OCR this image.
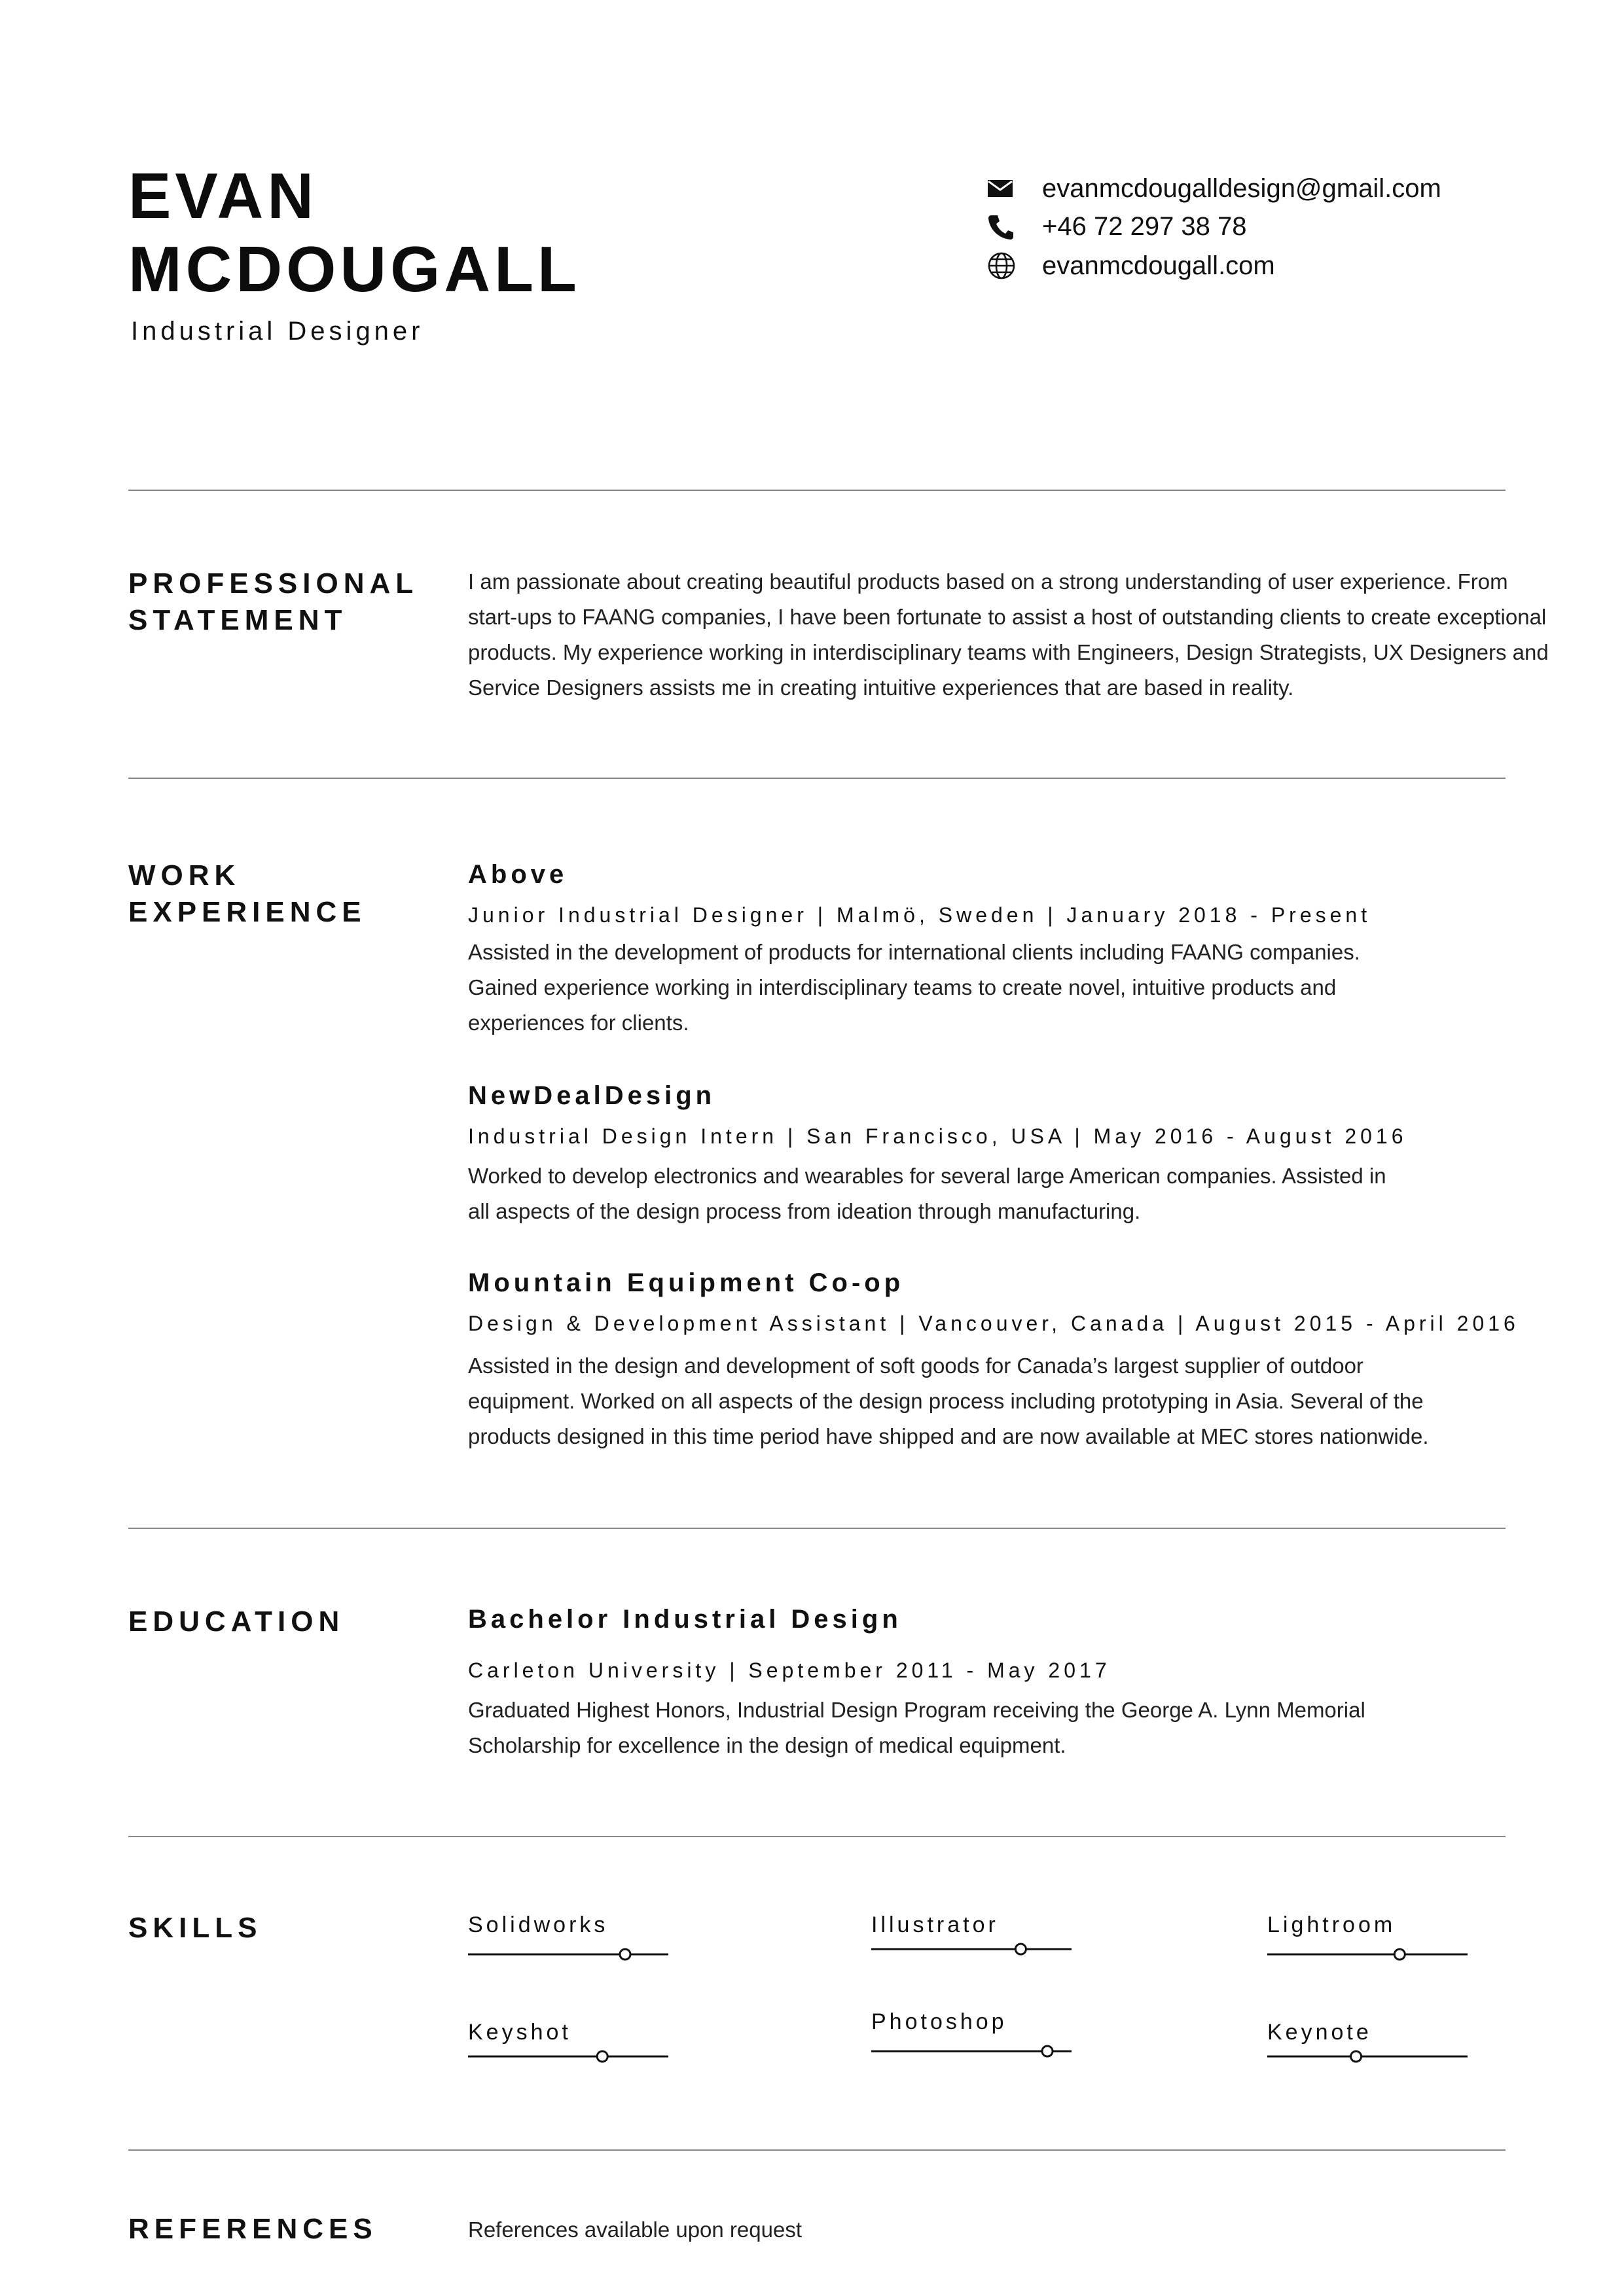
EVAN
MCDOUGALL
Industrial Designer
evanmcdougalldesign@gmail.com
+46 72 297 38 78
evanmcdougall.com
PROFESSIONAL
STATEMENT
I am passionate about creating beautiful products based on a strong understanding of user experience. From
start-ups to FAANG companies, I have been fortunate to assist a host of outstanding clients to create exceptional
products. My experience working in interdisciplinary teams with Engineers, Design Strategists, UX Designers and
Service Designers assists me in creating intuitive experiences that are based in reality.
WORK
EXPERIENCE
Above
Junior Industrial Designer | Malmö, Sweden | January 2018 - Present
Assisted in the development of products for international clients including FAANG companies.
Gained experience working in interdisciplinary teams to create novel, intuitive products and
experiences for clients.
NewDealDesign
Industrial Design Intern | San Francisco, USA | May 2016 - August 2016
Worked to develop electronics and wearables for several large American companies. Assisted in
all aspects of the design process from ideation through manufacturing.
Mountain Equipment Co-op
Design & Development Assistant | Vancouver, Canada | August 2015 - April 2016
Assisted in the design and development of soft goods for Canada’s largest supplier of outdoor
equipment. Worked on all aspects of the design process including prototyping in Asia. Several of the
products designed in this time period have shipped and are now available at MEC stores nationwide.
EDUCATION	Bachelor Industrial Design
Carleton University | September 2011 - May 2017
Graduated Highest Honors, Industrial Design Program receiving the George A. Lynn Memorial
Scholarship for excellence in the design of medical equipment.
SKILLS	Solidworks	Illustrator	Lightroom
Keyshot	Photoshop	Keynote
REFERENCES	References available upon request
